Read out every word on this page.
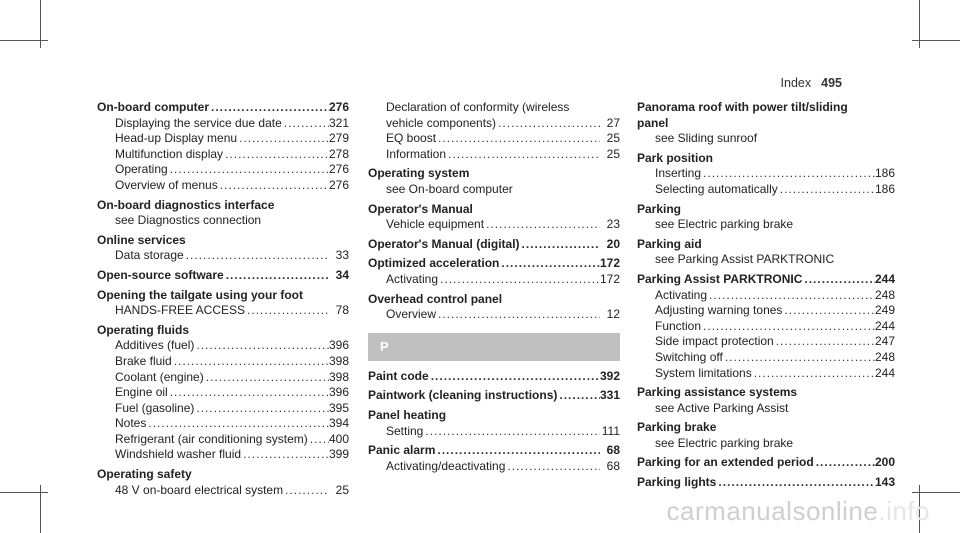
Index 495
On-board computer .....	276
Displaying the service due date .....	321
Head-up Display menu .....	279
Multifunction display .....	278
Operating .....	276
Overview of menus .....	276
On-board diagnostics interface
see Diagnostics connection
Online services
Data storage .....	33
Open-source software .....	34
Opening the tailgate using your foot
HANDS-FREE ACCESS .....	78
Operating fluids
Additives (fuel) .....	396
Brake fluid .....	398
Coolant (engine) .....	398
Engine oil .....	396
Fuel (gasoline) .....	395
Notes .....	394
Refrigerant (air conditioning system) ..... 400
Windshield washer fluid .....	399
Operating safety
48 V on-board electrical system .....	25
Declaration of conformity (wireless
vehicle components) .....	27
EQ boost .....	25
Information .....	25
Operating system
see On-board computer
Operator's Manual
Vehicle equipment .....	23
Operator's Manual (digital) .....	20
Optimized acceleration .....	172
Activating .....	172
Overhead control panel
Overview .....	12
P
Paint code .....	392
Paintwork (cleaning instructions) .....	331
Panel heating
Setting .....	111
Panic alarm .....	68
Activating/deactivating .....	68
Panorama roof with power tilt/sliding
panel
see Sliding sunroof
Park position
Inserting .....	186
Selecting automatically .....	186
Parking
see Electric parking brake
Parking aid
see Parking Assist PARKTRONIC
Parking Assist PARKTRONIC .....	244
Activating .....	248
Adjusting warning tones .....	249
Function .....	244
Side impact protection .....	247
Switching off .....	248
System limitations .....	244
Parking assistance systems
see Active Parking Assist
Parking brake
see Electric parking brake
Parking for an extended period .....	200
Parking lights .....	143
carmanualsonline.info
